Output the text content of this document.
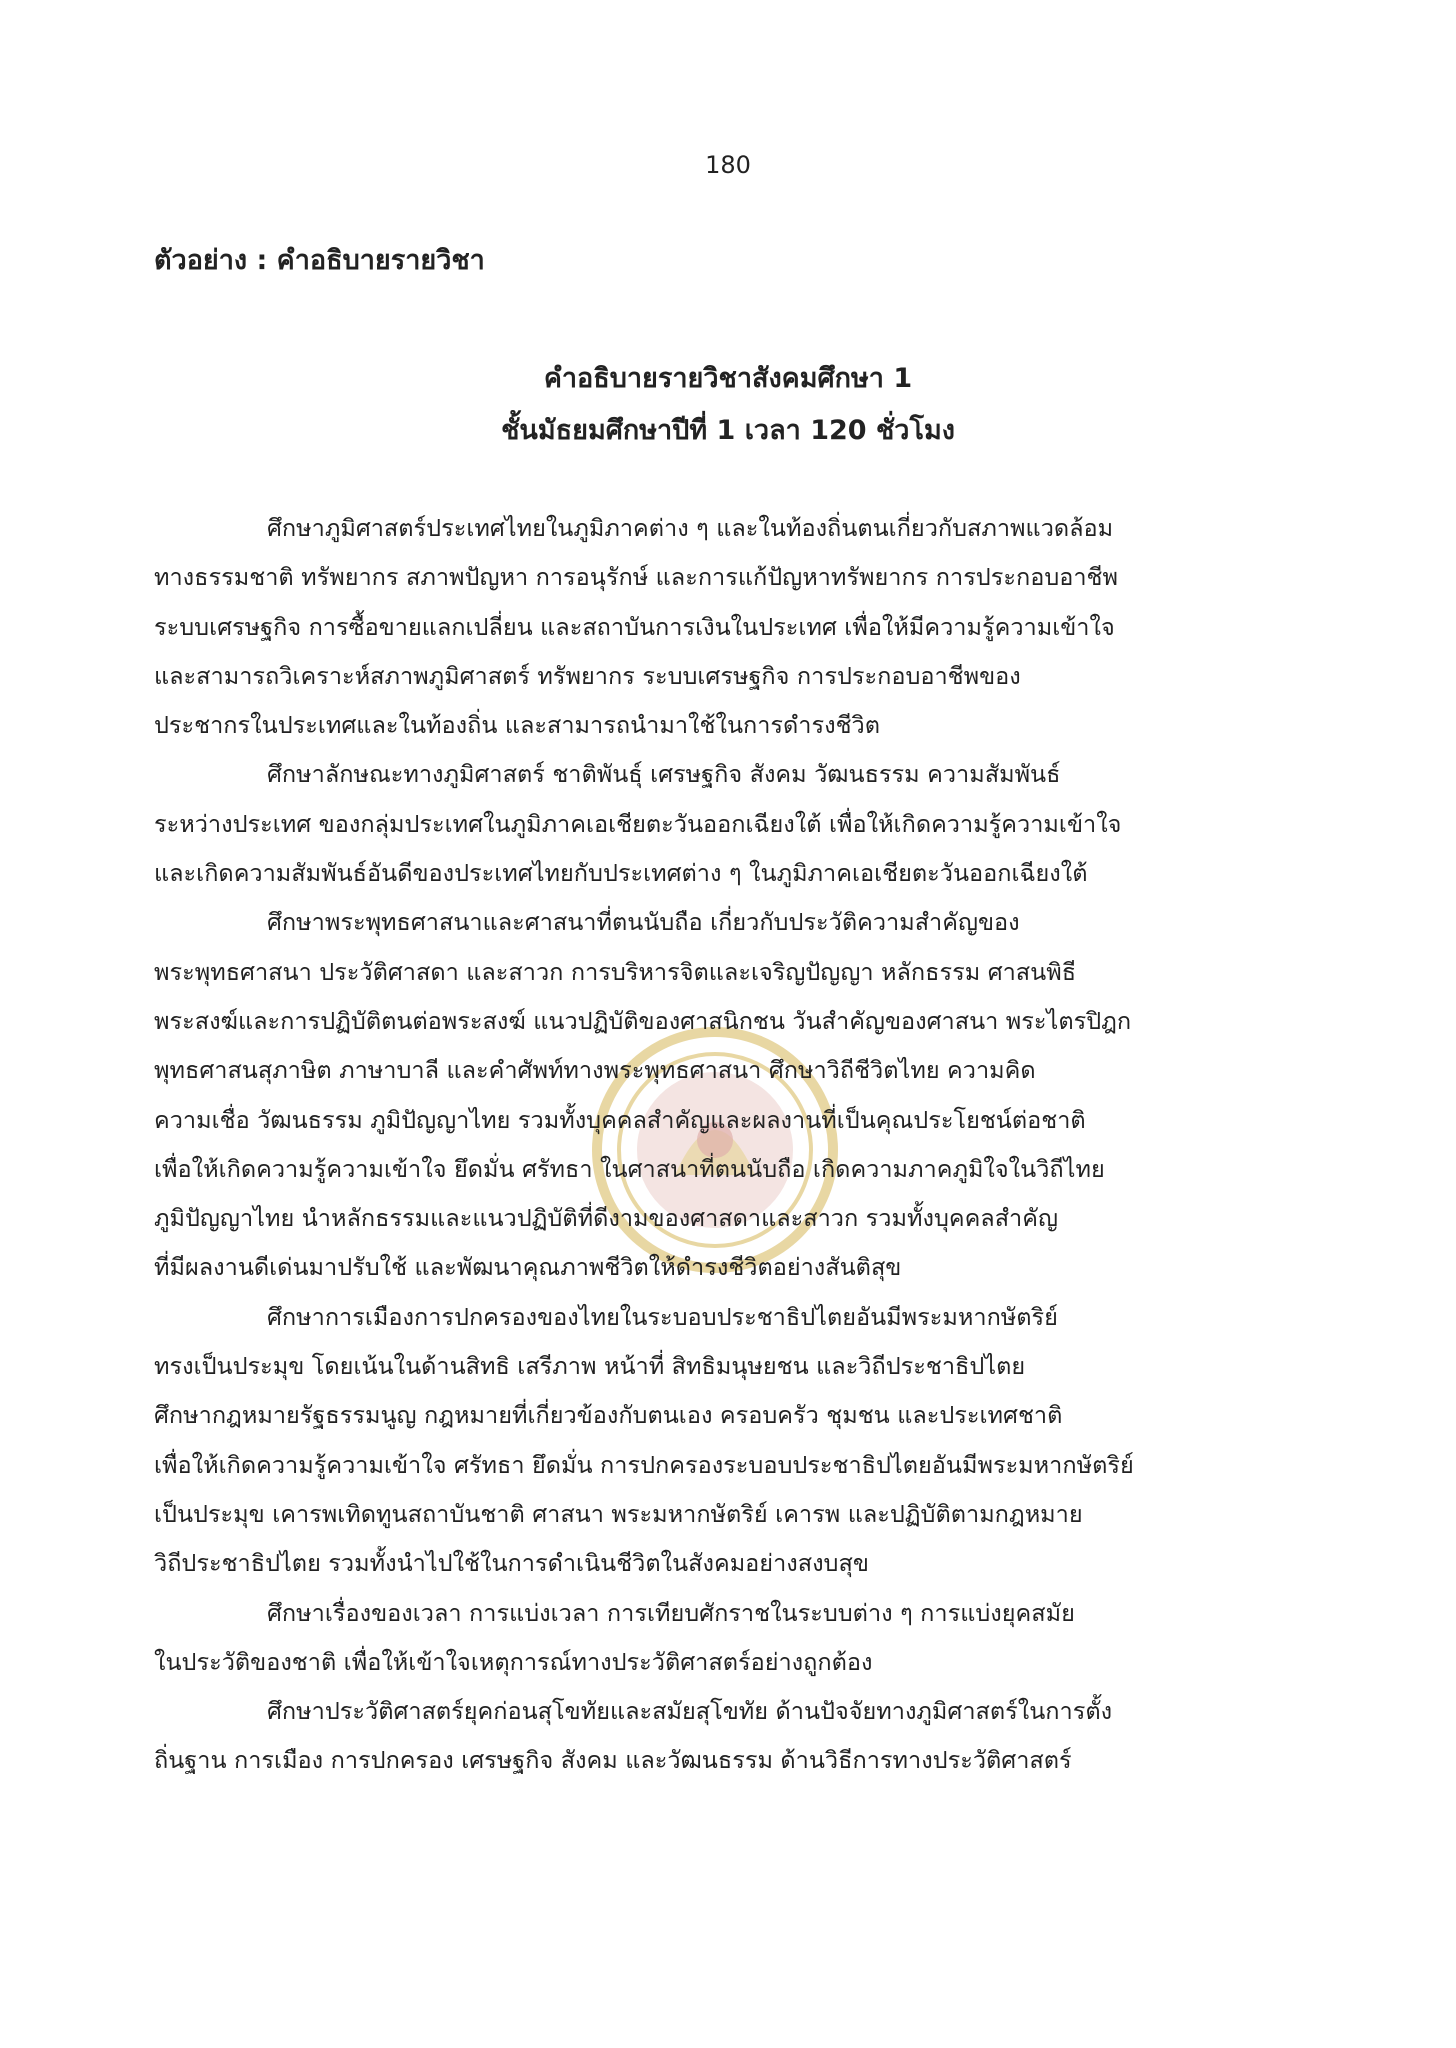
180
ตัวอย่าง : คำอธิบายรายวิชา
คำอธิบายรายวิชาสังคมศึกษา 1
ชั้นมัธยมศึกษาปีที่ 1 เวลา 120 ชั่วโมง
ศึกษาภูมิศาสตร์ประเทศไทยในภูมิภาคต่าง ๆ และในท้องถิ่นตนเกี่ยวกับสภาพแวดล้อม
ทางธรรมชาติ ทรัพยากร สภาพปัญหา การอนุรักษ์ และการแก้ปัญหาทรัพยากร การประกอบอาชีพ
ระบบเศรษฐกิจ การซื้อขายแลกเปลี่ยน และสถาบันการเงินในประเทศ เพื่อให้มีความรู้ความเข้าใจ
และสามารถวิเคราะห์สภาพภูมิศาสตร์ ทรัพยากร ระบบเศรษฐกิจ การประกอบอาชีพของ
ประชากรในประเทศและในท้องถิ่น และสามารถนำมาใช้ในการดำรงชีวิต
ศึกษาลักษณะทางภูมิศาสตร์ ชาติพันธุ์ เศรษฐกิจ สังคม วัฒนธรรม ความสัมพันธ์
ระหว่างประเทศ ของกลุ่มประเทศในภูมิภาคเอเชียตะวันออกเฉียงใต้ เพื่อให้เกิดความรู้ความเข้าใจ
และเกิดความสัมพันธ์อันดีของประเทศไทยกับประเทศต่าง ๆ ในภูมิภาคเอเชียตะวันออกเฉียงใต้
ศึกษาพระพุทธศาสนาและศาสนาที่ตนนับถือ เกี่ยวกับประวัติความสำคัญของ
พระพุทธศาสนา ประวัติศาสดา และสาวก การบริหารจิตและเจริญปัญญา หลักธรรม ศาสนพิธี
พระสงฆ์และการปฏิบัติตนต่อพระสงฆ์ แนวปฏิบัติของศาสนิกชน วันสำคัญของศาสนา พระไตรปิฎก
พุทธศาสนสุภาษิต ภาษาบาลี และคำศัพท์ทางพระพุทธศาสนา ศึกษาวิถีชีวิตไทย ความคิด
ความเชื่อ วัฒนธรรม ภูมิปัญญาไทย รวมทั้งบุคคลสำคัญและผลงานที่เป็นคุณประโยชน์ต่อชาติ
เพื่อให้เกิดความรู้ความเข้าใจ ยึดมั่น ศรัทธา ในศาสนาที่ตนนับถือ เกิดความภาคภูมิใจในวิถีไทย
ภูมิปัญญาไทย นำหลักธรรมและแนวปฏิบัติที่ดีงามของศาสดาและสาวก รวมทั้งบุคคลสำคัญ
ที่มีผลงานดีเด่นมาปรับใช้ และพัฒนาคุณภาพชีวิตให้ดำรงชีวิตอย่างสันติสุข
ศึกษาการเมืองการปกครองของไทยในระบอบประชาธิปไตยอันมีพระมหากษัตริย์
ทรงเป็นประมุข โดยเน้นในด้านสิทธิ เสรีภาพ หน้าที่ สิทธิมนุษยชน และวิถีประชาธิปไตย
ศึกษากฎหมายรัฐธรรมนูญ กฎหมายที่เกี่ยวข้องกับตนเอง ครอบครัว ชุมชน และประเทศชาติ
เพื่อให้เกิดความรู้ความเข้าใจ ศรัทธา ยึดมั่น การปกครองระบอบประชาธิปไตยอันมีพระมหากษัตริย์
เป็นประมุข เคารพเทิดทูนสถาบันชาติ ศาสนา พระมหากษัตริย์ เคารพ และปฏิบัติตามกฎหมาย
วิถีประชาธิปไตย รวมทั้งนำไปใช้ในการดำเนินชีวิตในสังคมอย่างสงบสุข
ศึกษาเรื่องของเวลา การแบ่งเวลา การเทียบศักราชในระบบต่าง ๆ การแบ่งยุคสมัย
ในประวัติของชาติ เพื่อให้เข้าใจเหตุการณ์ทางประวัติศาสตร์อย่างถูกต้อง
ศึกษาประวัติศาสตร์ยุคก่อนสุโขทัยและสมัยสุโขทัย ด้านปัจจัยทางภูมิศาสตร์ในการตั้ง
ถิ่นฐาน การเมือง การปกครอง เศรษฐกิจ สังคม และวัฒนธรรม ด้านวิธีการทางประวัติศาสตร์
